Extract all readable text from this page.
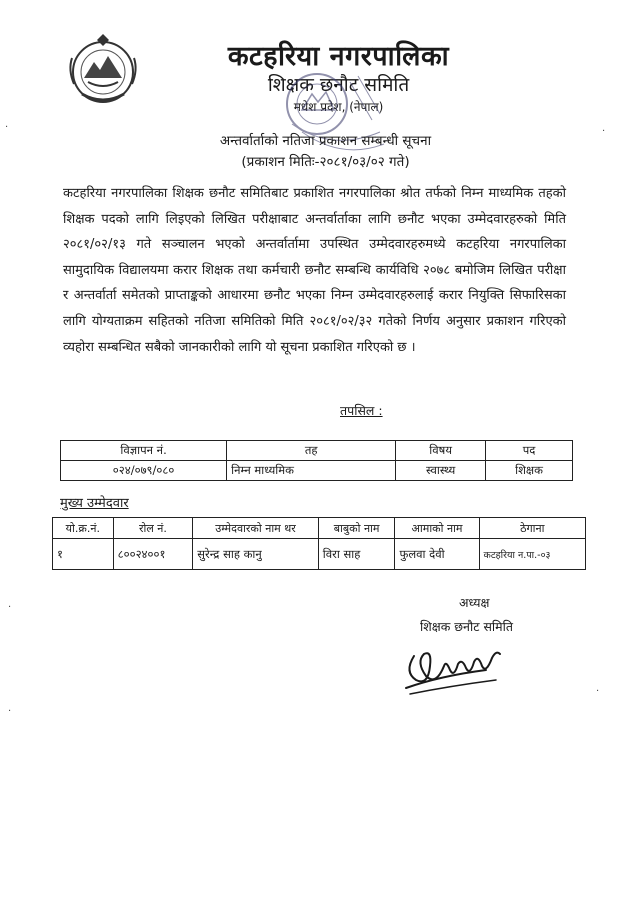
कटहरिया नगरपालिका
शिक्षक छनौट समिति
मधेश प्रदेश, (नेपाल)
अन्तर्वार्ताको नतिजा प्रकाशन सम्बन्धी सूचना
(प्रकाशन मितिः-२०८१/०३/०२ गते)
कटहरिया नगरपालिका शिक्षक छनौट समितिबाट प्रकाशित नगरपालिका श्रोत तर्फको निम्न माध्यमिक तहको शिक्षक पदको लागि लिइएको लिखित परीक्षाबाट अन्तर्वार्ताका लागि छनौट भएका उम्मेदवारहरुको मिति २०८१/०२/१३ गते सञ्चालन भएको अन्तर्वार्तामा उपस्थित उम्मेदवारहरुमध्ये कटहरिया नगरपालिका सामुदायिक विद्यालयमा करार शिक्षक तथा कर्मचारी छनौट सम्बन्धि कार्यविधि २०७८ बमोजिम लिखित परीक्षा र अन्तर्वार्ता समेतको प्राप्ताङ्कको आधारमा छनौट भएका निम्न उम्मेदवारहरुलाई करार नियुक्ति सिफारिसका लागि योग्यताक्रम सहितको नतिजा समितिको मिति २०८१/०२/३२ गतेको निर्णय अनुसार प्रकाशन गरिएको व्यहोरा सम्बन्धित सबैको जानकारीको लागि यो सूचना प्रकाशित गरिएको छ ।
तपसिल :
विज्ञापन नं.	तह	विषय	पद
०२४/०७९/०८०	निम्न माध्यमिक	स्वास्थ्य	शिक्षक
मुख्य उम्मेदवार
यो.क्र.नं.	रोल नं.	उम्मेदवारको नाम थर	बाबुको नाम	आमाको नाम	ठेगाना
१	८००२४००१	सुरेन्द्र साह कानु	विरा साह	फुलवा देवी	कटहरिया न.पा.-०३
अध्यक्ष
शिक्षक छनौट समिति
·
·
·
·
·
